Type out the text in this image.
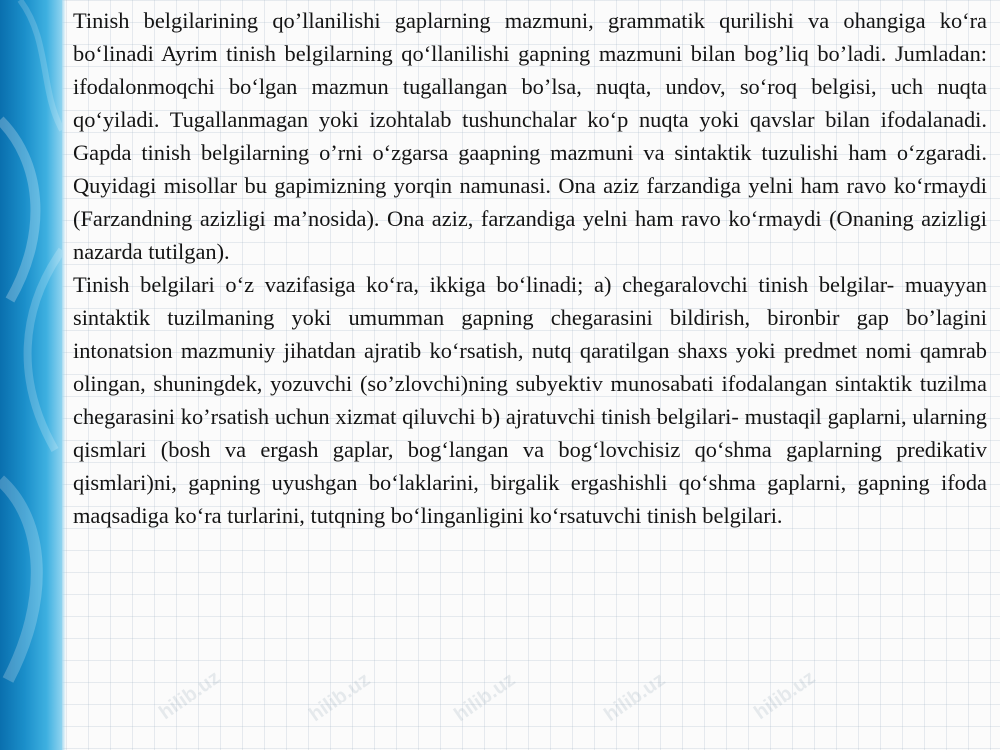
hilib.uz	hilib.uz	hilib.uz	hilib.uz	hilib.uz

Tinish belgilarining qo’llanilishi gaplarning mazmuni, grammatik qurilishi va ohangiga ko‘ra bo‘linadi Ayrim tinish belgilarning qo‘llanilishi gapning mazmuni bilan bog’liq bo’ladi. Jumladan: ifodalonmoqchi bo‘lgan mazmun tugallangan bo’lsa, nuqta, undov, so‘roq belgisi, uch nuqta qo‘yiladi. Tugallanmagan yoki izohtalab tushunchalar ko‘p nuqta yoki qavslar bilan ifodalanadi. Gapda tinish belgilarning o’rni o‘zgarsa gaapning mazmuni va sintaktik tuzulishi ham o‘zgaradi. Quyidagi misollar bu gapimizning yorqin namunasi. Ona aziz farzandiga yelni ham ravo ko‘rmaydi (Farzandning azizligi ma’nosida). Ona aziz, farzandiga yelni ham ravo ko‘rmaydi (Onaning azizligi nazarda tutilgan).

Tinish belgilari o‘z vazifasiga ko‘ra, ikkiga bo‘linadi; a) chegaralovchi tinish belgilar- muayyan sintaktik tuzilmaning yoki umumman gapning chegarasini bildirish, bironbir gap bo’lagini intonatsion mazmuniy jihatdan ajratib ko‘rsatish, nutq qaratilgan shaxs yoki predmet nomi qamrab olingan, shuningdek, yozuvchi (so’zlovchi)ning subyektiv munosabati ifodalangan sintaktik tuzilma chegarasini ko’rsatish uchun xizmat qiluvchi b) ajratuvchi tinish belgilari- mustaqil gaplarni, ularning qismlari (bosh va ergash gaplar, bog‘langan va bog‘lovchisiz qo‘shma gaplarning predikativ qismlari)ni, gapning uyushgan bo‘laklarini, birgalik ergashishli qo‘shma gaplarni, gapning ifoda maqsadiga ko‘ra turlarini, tutqning bo‘linganligini ko‘rsatuvchi tinish belgilari.
